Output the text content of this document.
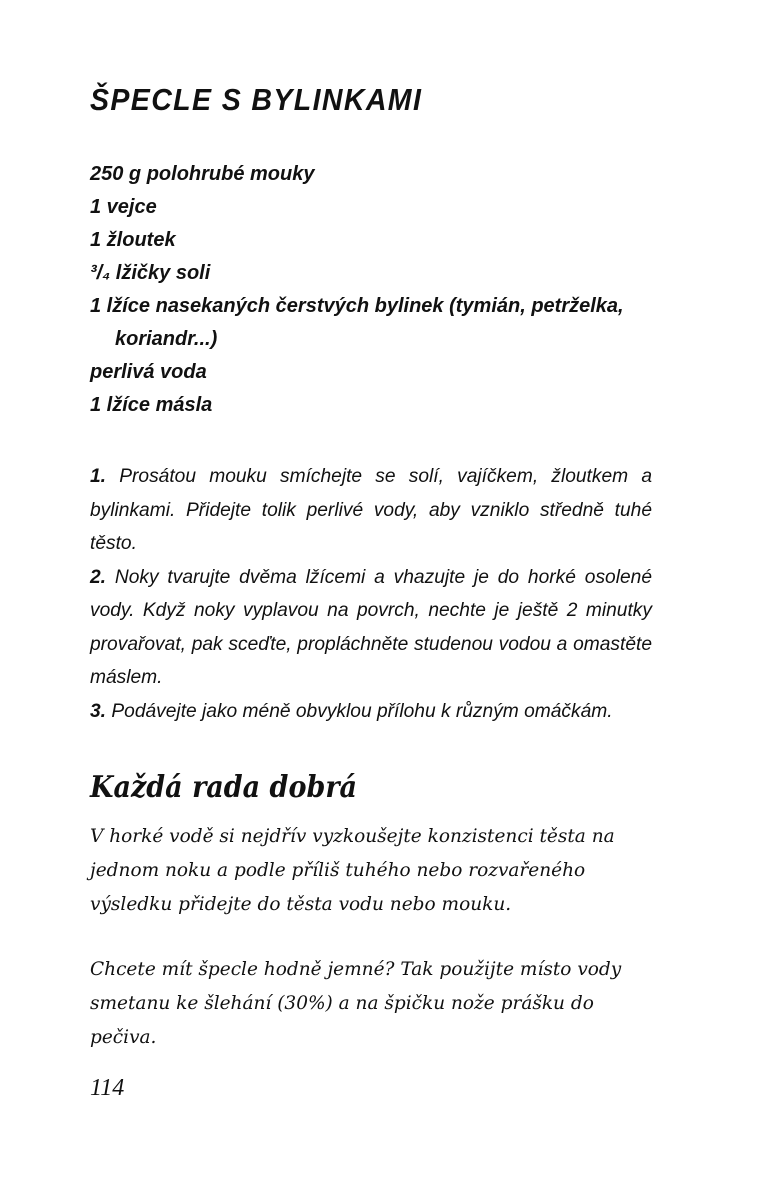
ŠPECLE S BYLINKAMI
250 g polohrubé mouky
1 vejce
1 žloutek
³/₄ lžičky soli
1 lžíce nasekaných čerstvých bylinek (tymián, petrželka, koriandr...)
perlivá voda
1 lžíce másla

1. Prosátou mouku smíchejte se solí, vajíčkem, žloutkem a bylinkami. Přidejte tolik perlivé vody, aby vzniklo středně tuhé těsto.

2. Noky tvarujte dvěma lžícemi a vhazujte je do horké osolené vody. Když noky vyplavou na povrch, nechte je ještě 2 minutky provařovat, pak sceďte, propláchněte studenou vodou a omastěte máslem.

3. Podávejte jako méně obvyklou přílohu k různým omáčkám.

Každá rada dobrá

V horké vodě si nejdřív vyzkoušejte konzistenci těsta na jednom noku a podle příliš tuhého nebo rozvařeného výsledku přidejte do těsta vodu nebo mouku.

Chcete mít špecle hodně jemné? Tak použijte místo vody smetanu ke šlehání (30%) a na špičku nože prášku do pečiva.

114
